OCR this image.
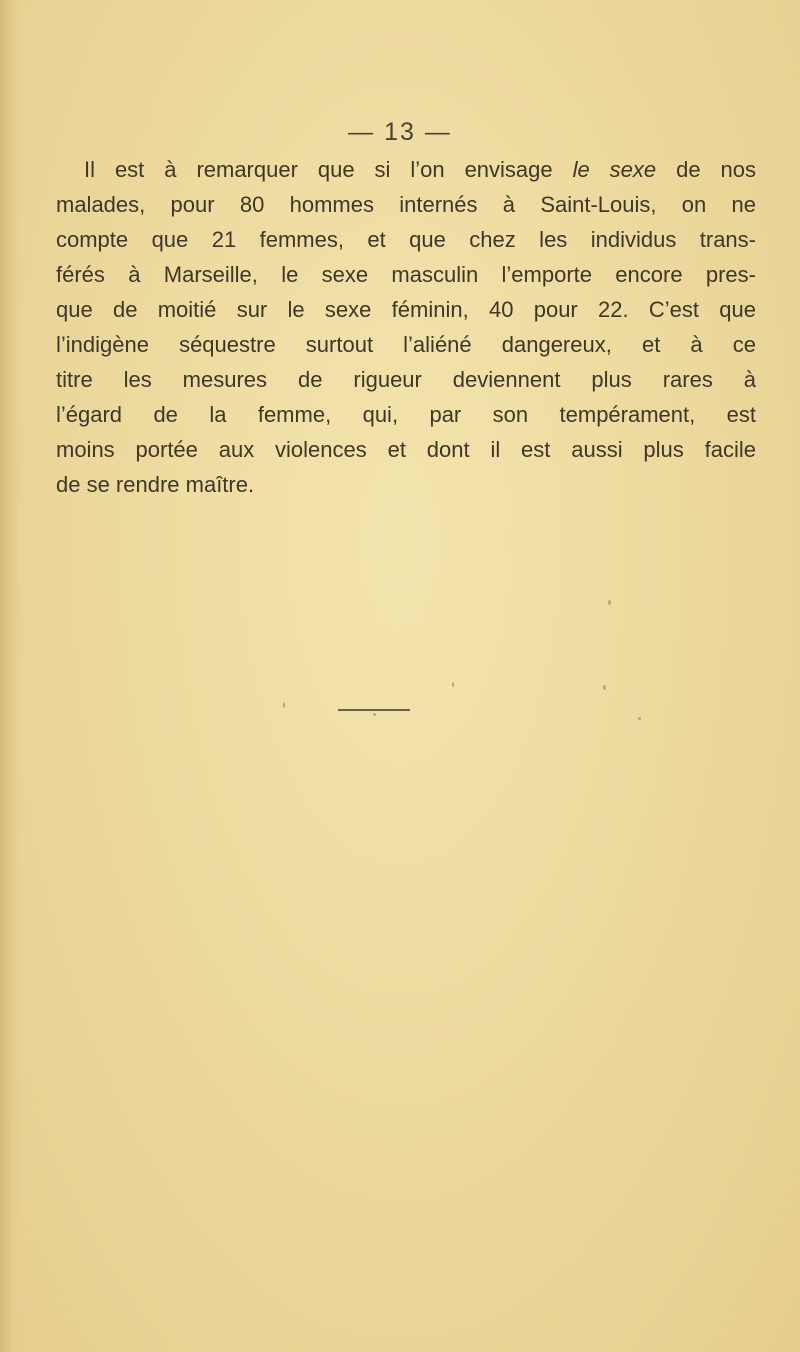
— 13 —

Il est à remarquer que si l’on envisage le sexe de nos
malades, pour 80 hommes internés à Saint-Louis, on ne
compte que 21 femmes, et que chez les individus trans-
férés à Marseille, le sexe masculin l’emporte encore pres-
que de moitié sur le sexe féminin, 40 pour 22. C’est que
l’indigène séquestre surtout l’aliéné dangereux, et à ce
titre les mesures de rigueur deviennent plus rares à
l’égard de la femme, qui, par son tempérament, est
moins portée aux violences et dont il est aussi plus facile
de se rendre maître.
